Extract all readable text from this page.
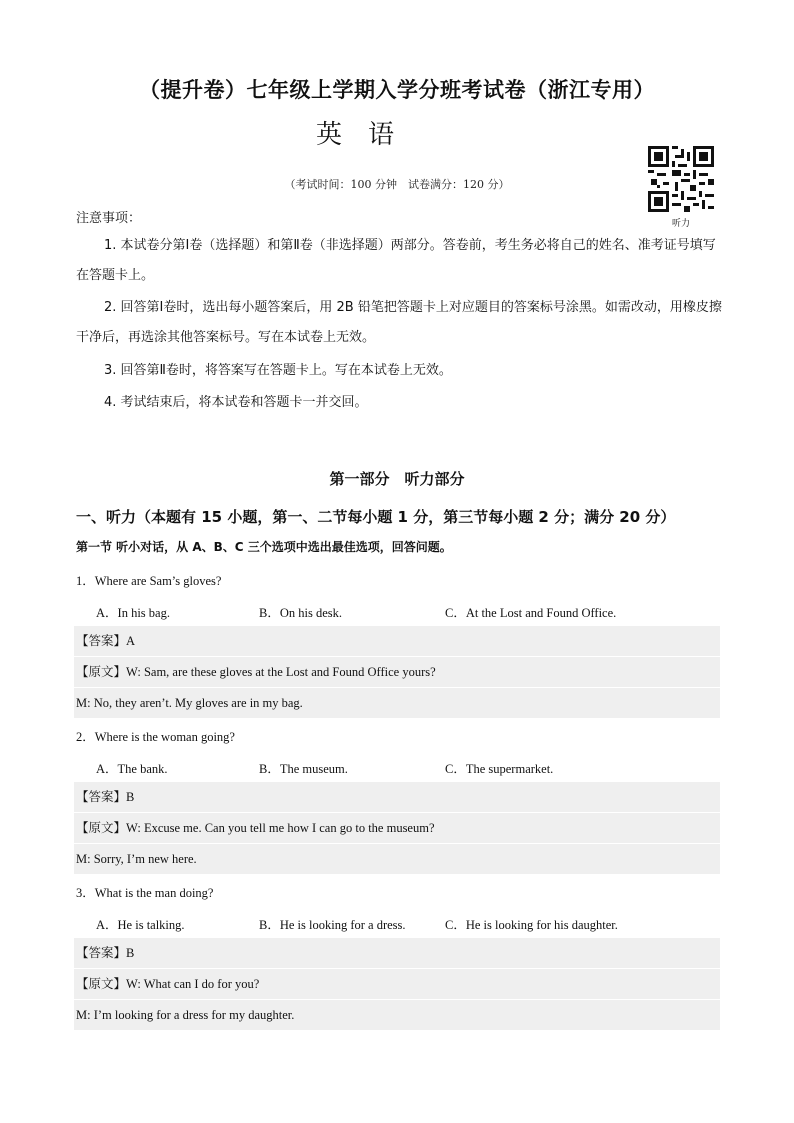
（提升卷）七年级上学期入学分班考试卷（浙江专用）
英语
（考试时间：100 分钟　试卷满分：120 分）
听力
注意事项：
1. 本试卷分第Ⅰ卷（选择题）和第Ⅱ卷（非选择题）两部分。答卷前，考生务必将自己的姓名、准考证号填写在答题卡上。
2. 回答第Ⅰ卷时，选出每小题答案后，用 2B 铅笔把答题卡上对应题目的答案标号涂黑。如需改动，用橡皮擦干净后，再选涂其他答案标号。写在本试卷上无效。
3. 回答第Ⅱ卷时，将答案写在答题卡上。写在本试卷上无效。
4. 考试结束后，将本试卷和答题卡一并交回。
第一部分　听力部分
一、听力（本题有 15 小题，第一、二节每小题 1 分，第三节每小题 2 分；满分 20 分）
第一节 听小对话，从 A、B、C 三个选项中选出最佳选项，回答问题。
1．Where are Sam’s gloves?
A．In his bag.	B．On his desk.	C．At the Lost and Found Office.
【答案】A
【原文】W: Sam, are these gloves at the Lost and Found Office yours?
M: No, they aren’t. My gloves are in my bag.
2．Where is the woman going?
A．The bank.	B．The museum.	C．The supermarket.
【答案】B
【原文】W: Excuse me. Can you tell me how I can go to the museum?
M: Sorry, I’m new here.
3．What is the man doing?
A．He is talking.	B．He is looking for a dress.	C．He is looking for his daughter.
【答案】B
【原文】W: What can I do for you?
M: I’m looking for a dress for my daughter.
